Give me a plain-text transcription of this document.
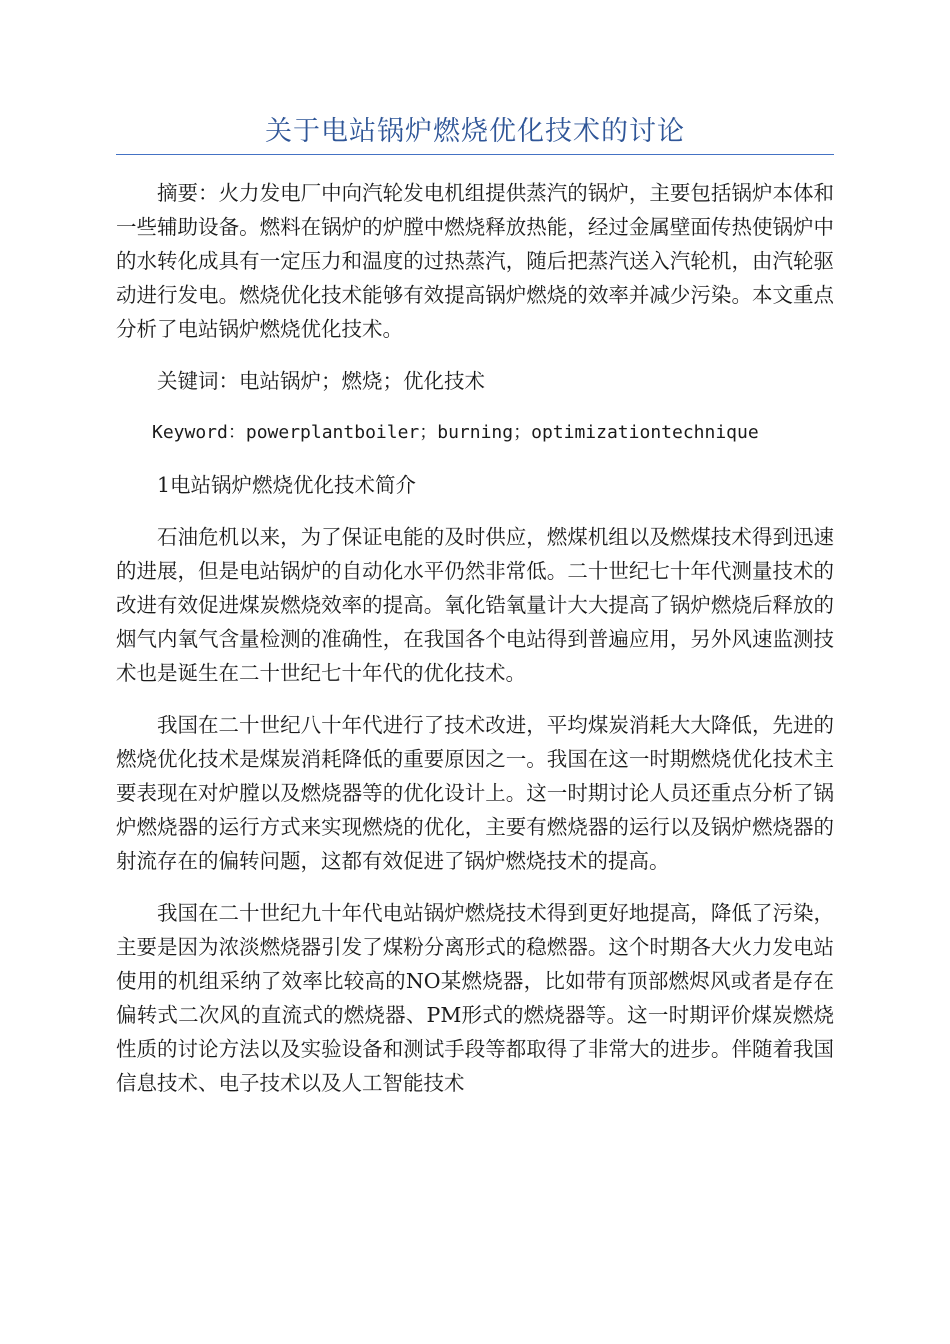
关于电站锅炉燃烧优化技术的讨论

摘要：火力发电厂中向汽轮发电机组提供蒸汽的锅炉，主要包括锅炉本体和一些辅助设备。燃料在锅炉的炉膛中燃烧释放热能，经过金属壁面传热使锅炉中的水转化成具有一定压力和温度的过热蒸汽，随后把蒸汽送入汽轮机，由汽轮驱动进行发电。燃烧优化技术能够有效提高锅炉燃烧的效率并减少污染。本文重点分析了电站锅炉燃烧优化技术。

关键词：电站锅炉；燃烧；优化技术

Keyword：powerplantboiler；burning；optimizationtechnique

1电站锅炉燃烧优化技术简介

石油危机以来，为了保证电能的及时供应，燃煤机组以及燃煤技术得到迅速的进展，但是电站锅炉的自动化水平仍然非常低。二十世纪七十年代测量技术的改进有效促进煤炭燃烧效率的提高。氧化锆氧量计大大提高了锅炉燃烧后释放的烟气内氧气含量检测的准确性，在我国各个电站得到普遍应用，另外风速监测技术也是诞生在二十世纪七十年代的优化技术。

我国在二十世纪八十年代进行了技术改进，平均煤炭消耗大大降低，先进的燃烧优化技术是煤炭消耗降低的重要原因之一。我国在这一时期燃烧优化技术主要表现在对炉膛以及燃烧器等的优化设计上。这一时期讨论人员还重点分析了锅炉燃烧器的运行方式来实现燃烧的优化，主要有燃烧器的运行以及锅炉燃烧器的射流存在的偏转问题，这都有效促进了锅炉燃烧技术的提高。

我国在二十世纪九十年代电站锅炉燃烧技术得到更好地提高，降低了污染，主要是因为浓淡燃烧器引发了煤粉分离形式的稳燃器。这个时期各大火力发电站使用的机组采纳了效率比较高的NO某燃烧器，比如带有顶部燃烬风或者是存在偏转式二次风的直流式的燃烧器、PM形式的燃烧器等。这一时期评价煤炭燃烧性质的讨论方法以及实验设备和测试手段等都取得了非常大的进步。伴随着我国信息技术、电子技术以及人工智能技术
